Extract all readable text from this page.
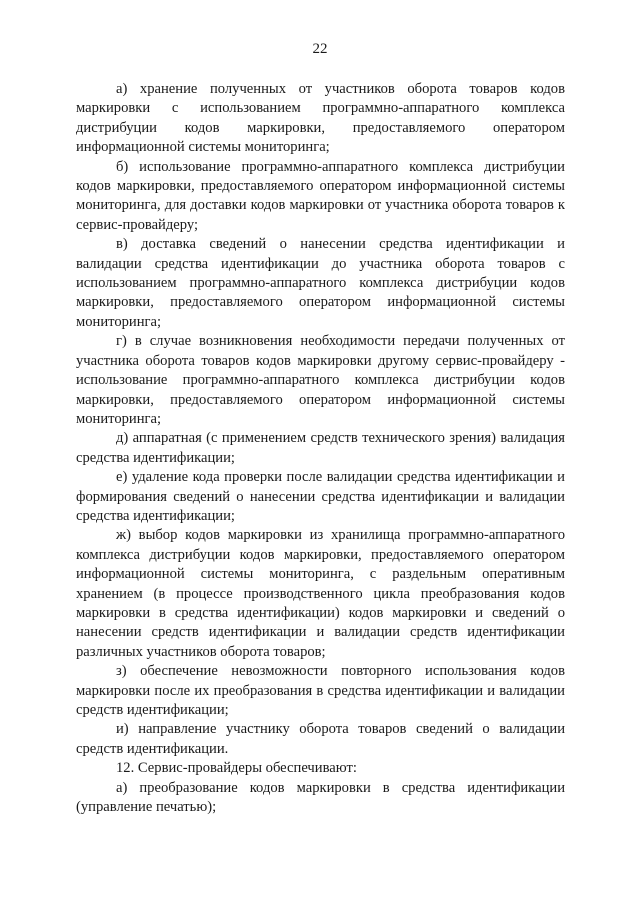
22

а) хранение полученных от участников оборота товаров кодов маркировки с использованием программно-аппаратного комплекса дистрибуции кодов маркировки, предоставляемого оператором информационной системы мониторинга;

б) использование программно-аппаратного комплекса дистрибуции кодов маркировки, предоставляемого оператором информационной системы мониторинга, для доставки кодов маркировки от участника оборота товаров к сервис-провайдеру;

в) доставка сведений о нанесении средства идентификации и валидации средства идентификации до участника оборота товаров с использованием программно-аппаратного комплекса дистрибуции кодов маркировки, предоставляемого оператором информационной системы мониторинга;

г) в случае возникновения необходимости передачи полученных от участника оборота товаров кодов маркировки другому сервис-провайдеру - использование программно-аппаратного комплекса дистрибуции кодов маркировки, предоставляемого оператором информационной системы мониторинга;

д) аппаратная (с применением средств технического зрения) валидация средства идентификации;

е) удаление кода проверки после валидации средства идентификации и формирования сведений о нанесении средства идентификации и валидации средства идентификации;

ж) выбор кодов маркировки из хранилища программно-аппаратного комплекса дистрибуции кодов маркировки, предоставляемого оператором информационной системы мониторинга, с раздельным оперативным хранением (в процессе производственного цикла преобразования кодов маркировки в средства идентификации) кодов маркировки и сведений о нанесении средств идентификации и валидации средств идентификации различных участников оборота товаров;

з) обеспечение невозможности повторного использования кодов маркировки после их преобразования в средства идентификации и валидации средств идентификации;

и) направление участнику оборота товаров сведений о валидации средств идентификации.

12. Сервис-провайдеры обеспечивают:

а) преобразование кодов маркировки в средства идентификации (управление печатью);
